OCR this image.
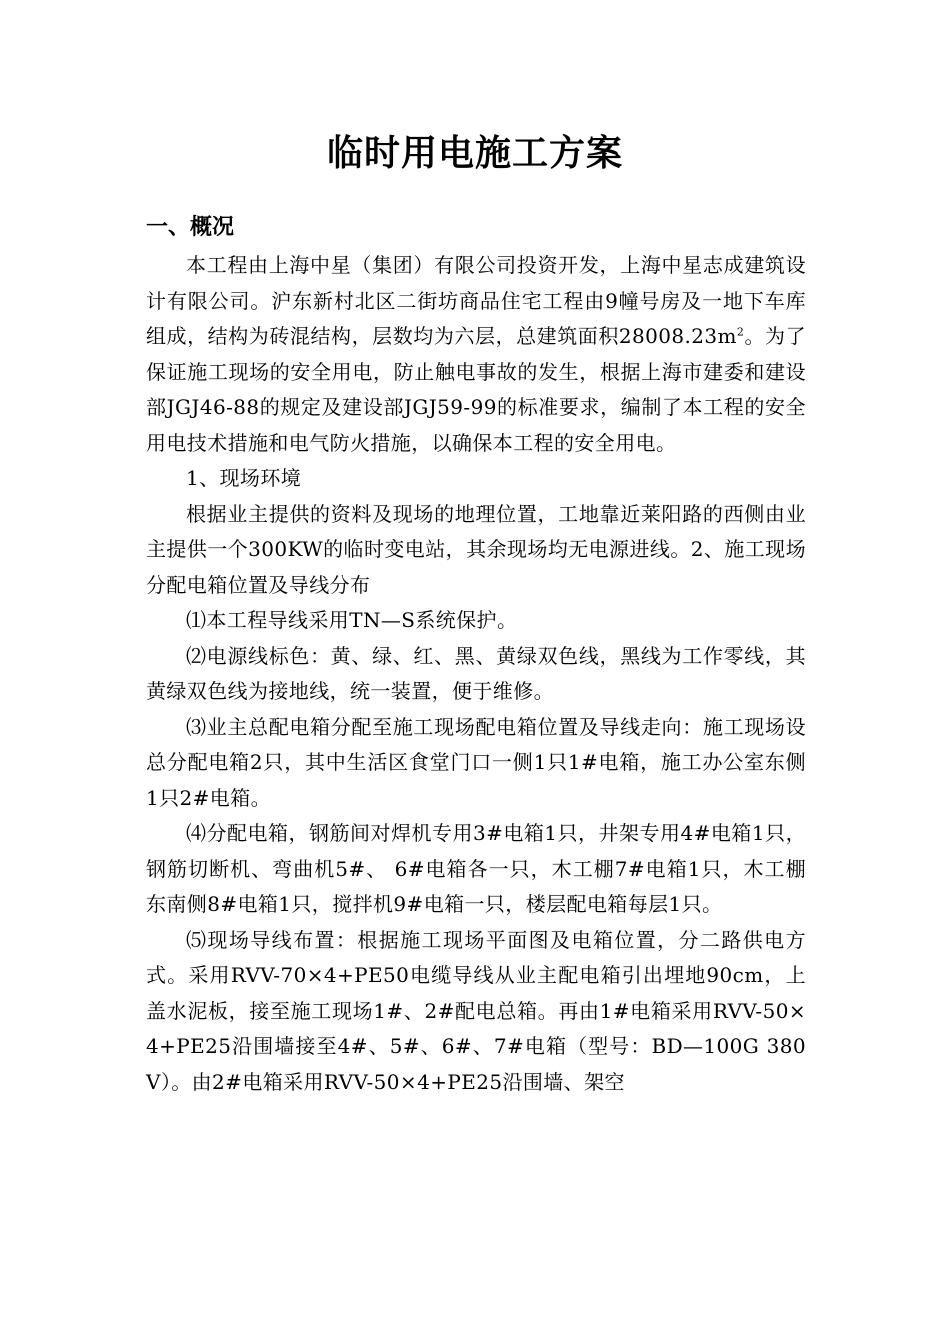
临时用电施工方案
一、概况

本工程由上海中星（集团）有限公司投资开发，上海中星志成建筑设计有限公司。沪东新村北区二街坊商品住宅工程由9幢号房及一地下车库组成，结构为砖混结构，层数均为六层，总建筑面积$28008.23m^2$。为了保证施工现场的安全用电，防止触电事故的发生，根据上海市建委和建设部JGJ46-88的规定及建设部JGJ59-99的标准要求，编制了本工程的安全用电技术措施和电气防火措施，以确保本工程的安全用电。

1、现场环境

根据业主提供的资料及现场的地理位置，工地靠近莱阳路的西侧由业主提供一个300KW的临时变电站，其余现场均无电源进线。2、施工现场分配电箱位置及导线分布

⑴本工程导线采用TN—S系统保护。

⑵电源线标色：黄、绿、红、黑、黄绿双色线，黑线为工作零线，其黄绿双色线为接地线，统一装置，便于维修。

⑶业主总配电箱分配至施工现场配电箱位置及导线走向：施工现场设总分配电箱2只，其中生活区食堂门口一侧1只1#电箱，施工办公室东侧1只2#电箱。

⑷分配电箱，钢筋间对焊机专用3#电箱1只，井架专用4#电箱1只，钢筋切断机、弯曲机5#、 6#电箱各一只，木工棚7#电箱1只，木工棚东南侧8#电箱1只，搅拌机9#电箱一只，楼层配电箱每层1只。

⑸现场导线布置：根据施工现场平面图及电箱位置，分二路供电方式。采用RVV-70×4+PE50电缆导线从业主配电箱引出埋地90cm，上盖水泥板，接至施工现场1#、2#配电总箱。再由1#电箱采用RVV-50×4+PE25沿围墙接至4#、5#、6#、7#电箱（型号：BD—100G 380V）。由2#电箱采用RVV-50×4+PE25沿围墙、架空
